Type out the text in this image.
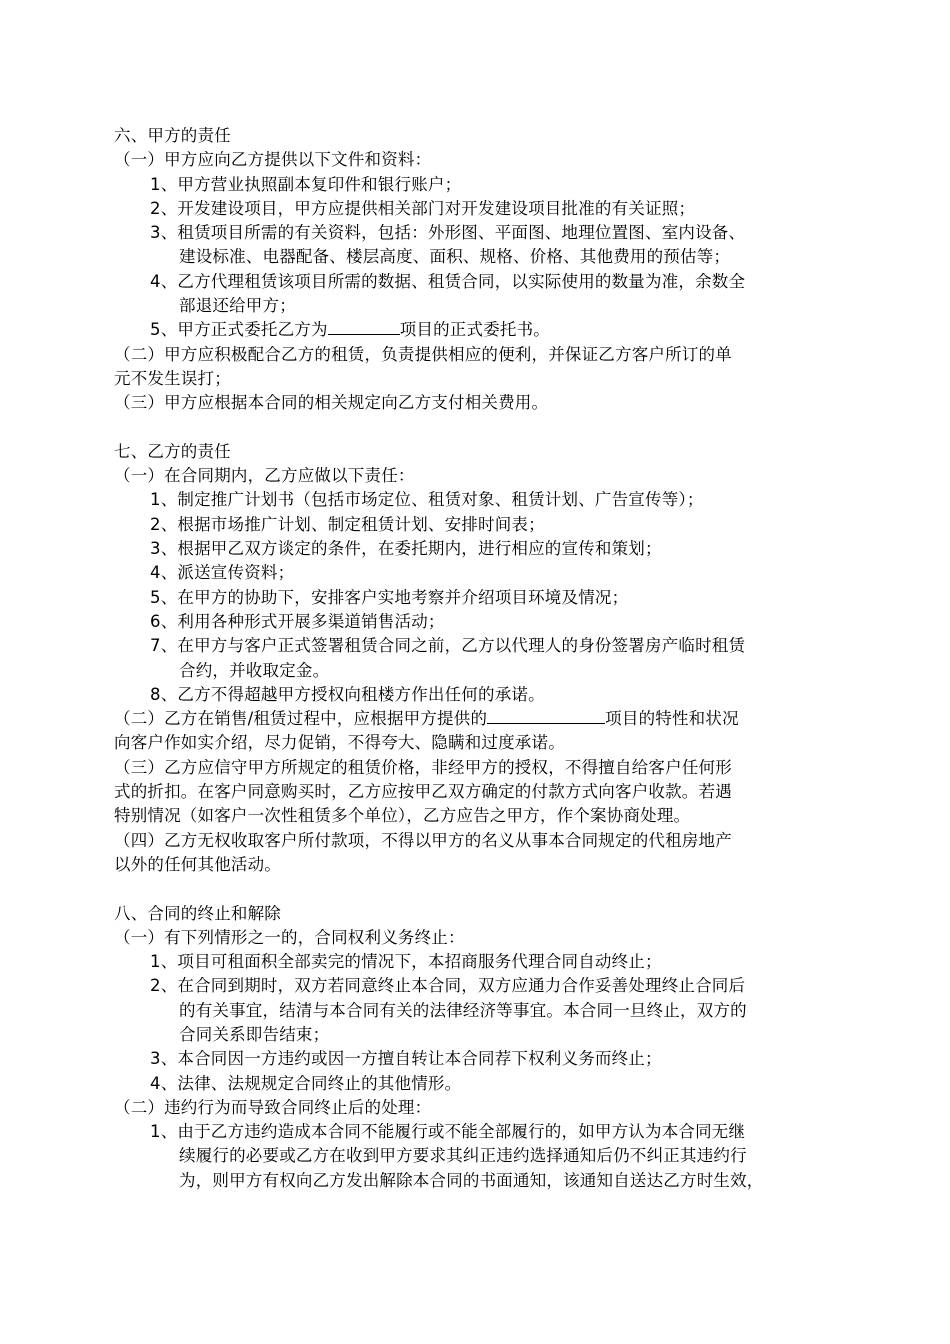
六、甲方的责任
（一）甲方应向乙方提供以下文件和资料：
1、甲方营业执照副本复印件和银行账户；
2、开发建设项目，甲方应提供相关部门对开发建设项目批准的有关证照；
3、租赁项目所需的有关资料，包括：外形图、平面图、地理位置图、室内设备、
建设标准、电器配备、楼层高度、面积、规格、价格、其他费用的预估等；
4、乙方代理租赁该项目所需的数据、租赁合同，以实际使用的数量为准，余数全
部退还给甲方；
5、甲方正式委托乙方为	项目的正式委托书。
（二）甲方应积极配合乙方的租赁，负责提供相应的便利，并保证乙方客户所订的单
元不发生误打；
（三）甲方应根据本合同的相关规定向乙方支付相关费用。
七、乙方的责任
（一）在合同期内，乙方应做以下责任：
1、制定推广计划书（包括市场定位、租赁对象、租赁计划、广告宣传等）；
2、根据市场推广计划、制定租赁计划、安排时间表；
3、根据甲乙双方谈定的条件，在委托期内，进行相应的宣传和策划；
4、派送宣传资料；
5、在甲方的协助下，安排客户实地考察并介绍项目环境及情况；
6、利用各种形式开展多渠道销售活动；
7、在甲方与客户正式签署租赁合同之前，乙方以代理人的身份签署房产临时租赁
合约，并收取定金。
8、乙方不得超越甲方授权向租楼方作出任何的承诺。
（二）乙方在销售/租赁过程中，应根据甲方提供的	项目的特性和状况
向客户作如实介绍，尽力促销，不得夸大、隐瞒和过度承诺。
（三）乙方应信守甲方所规定的租赁价格，非经甲方的授权，不得擅自给客户任何形
式的折扣。在客户同意购买时，乙方应按甲乙双方确定的付款方式向客户收款。若遇
特别情况（如客户一次性租赁多个单位），乙方应告之甲方，作个案协商处理。
（四）乙方无权收取客户所付款项，不得以甲方的名义从事本合同规定的代租房地产
以外的任何其他活动。
八、合同的终止和解除
（一）有下列情形之一的，合同权利义务终止：
1、项目可租面积全部卖完的情况下，本招商服务代理合同自动终止；
2、在合同到期时，双方若同意终止本合同，双方应通力合作妥善处理终止合同后
的有关事宜，结清与本合同有关的法律经济等事宜。本合同一旦终止，双方的
合同关系即告结束；
3、本合同因一方违约或因一方擅自转让本合同荐下权利义务而终止；
4、法律、法规规定合同终止的其他情形。
（二）违约行为而导致合同终止后的处理：
1、由于乙方违约造成本合同不能履行或不能全部履行的，如甲方认为本合同无继
续履行的必要或乙方在收到甲方要求其纠正违约选择通知后仍不纠正其违约行
为，则甲方有权向乙方发出解除本合同的书面通知，该通知自送达乙方时生效，
